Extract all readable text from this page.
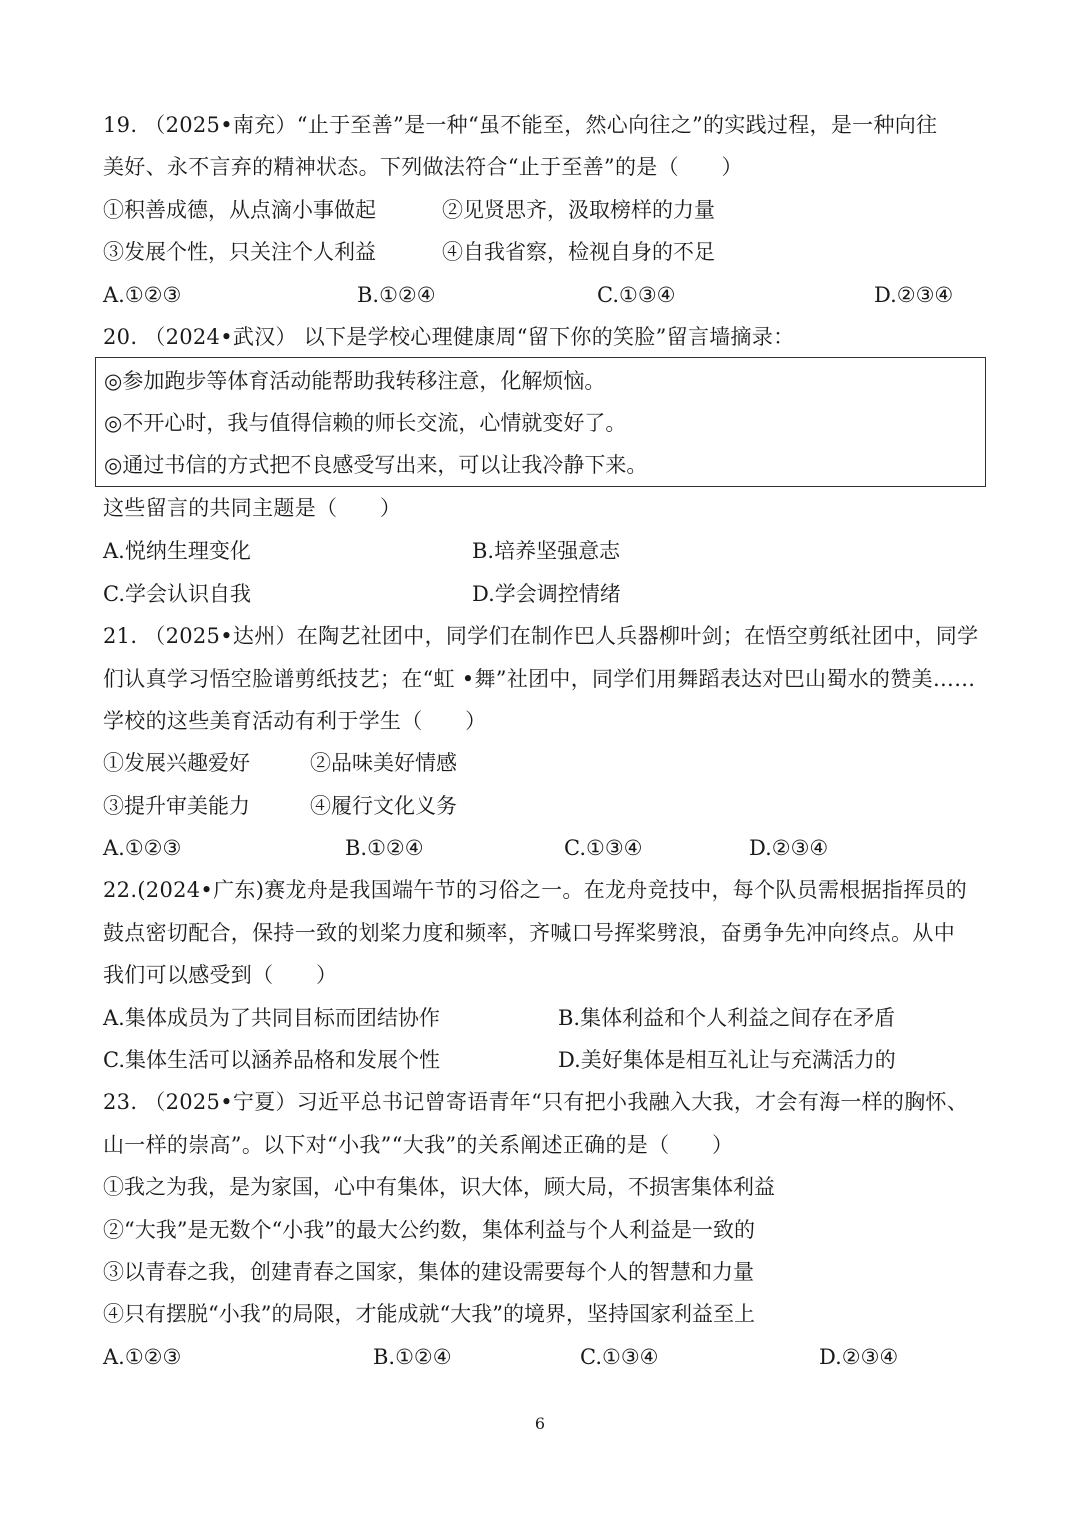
19. （2025•南充）“止于至善”是一种“虽不能至，然心向往之”的实践过程，是一种向往
美好、永不言弃的精神状态。下列做法符合“止于至善”的是（　　）
①积善成德，从点滴小事做起	②见贤思齐，汲取榜样的力量
③发展个性，只关注个人利益	④自我省察，检视自身的不足
A.①②③	B.①②④	C.①③④	D.②③④
20. （2024•武汉） 以下是学校心理健康周“留下你的笑脸”留言墙摘录：
◎参加跑步等体育活动能帮助我转移注意，化解烦恼。
◎不开心时，我与值得信赖的师长交流，心情就变好了。
◎通过书信的方式把不良感受写出来，可以让我冷静下来。
这些留言的共同主题是（　　）
A.悦纳生理变化	B.培养坚强意志
C.学会认识自我	D.学会调控情绪
21. （2025•达州）在陶艺社团中，同学们在制作巴人兵器柳叶剑；在悟空剪纸社团中，同学
们认真学习悟空脸谱剪纸技艺；在“虹 •舞”社团中，同学们用舞蹈表达对巴山蜀水的赞美……
学校的这些美育活动有利于学生（　　）
①发展兴趣爱好	②品味美好情感
③提升审美能力	④履行文化义务
A.①②③	B.①②④	C.①③④	D.②③④
22.(2024•广东)赛龙舟是我国端午节的习俗之一。在龙舟竞技中，每个队员需根据指挥员的
鼓点密切配合，保持一致的划桨力度和频率，齐喊口号挥桨劈浪，奋勇争先冲向终点。从中
我们可以感受到（　　）
A.集体成员为了共同目标而团结协作	B.集体利益和个人利益之间存在矛盾
C.集体生活可以涵养品格和发展个性	D.美好集体是相互礼让与充满活力的
23. （2025•宁夏）习近平总书记曾寄语青年“只有把小我融入大我，才会有海一样的胸怀、
山一样的崇高”。以下对“小我”“大我”的关系阐述正确的是（　　）
①我之为我，是为家国，心中有集体，识大体，顾大局，不损害集体利益
②“大我”是无数个“小我”的最大公约数，集体利益与个人利益是一致的
③以青春之我，创建青春之国家，集体的建设需要每个人的智慧和力量
④只有摆脱“小我”的局限，才能成就“大我”的境界，坚持国家利益至上
A.①②③	B.①②④	C.①③④	D.②③④
6
